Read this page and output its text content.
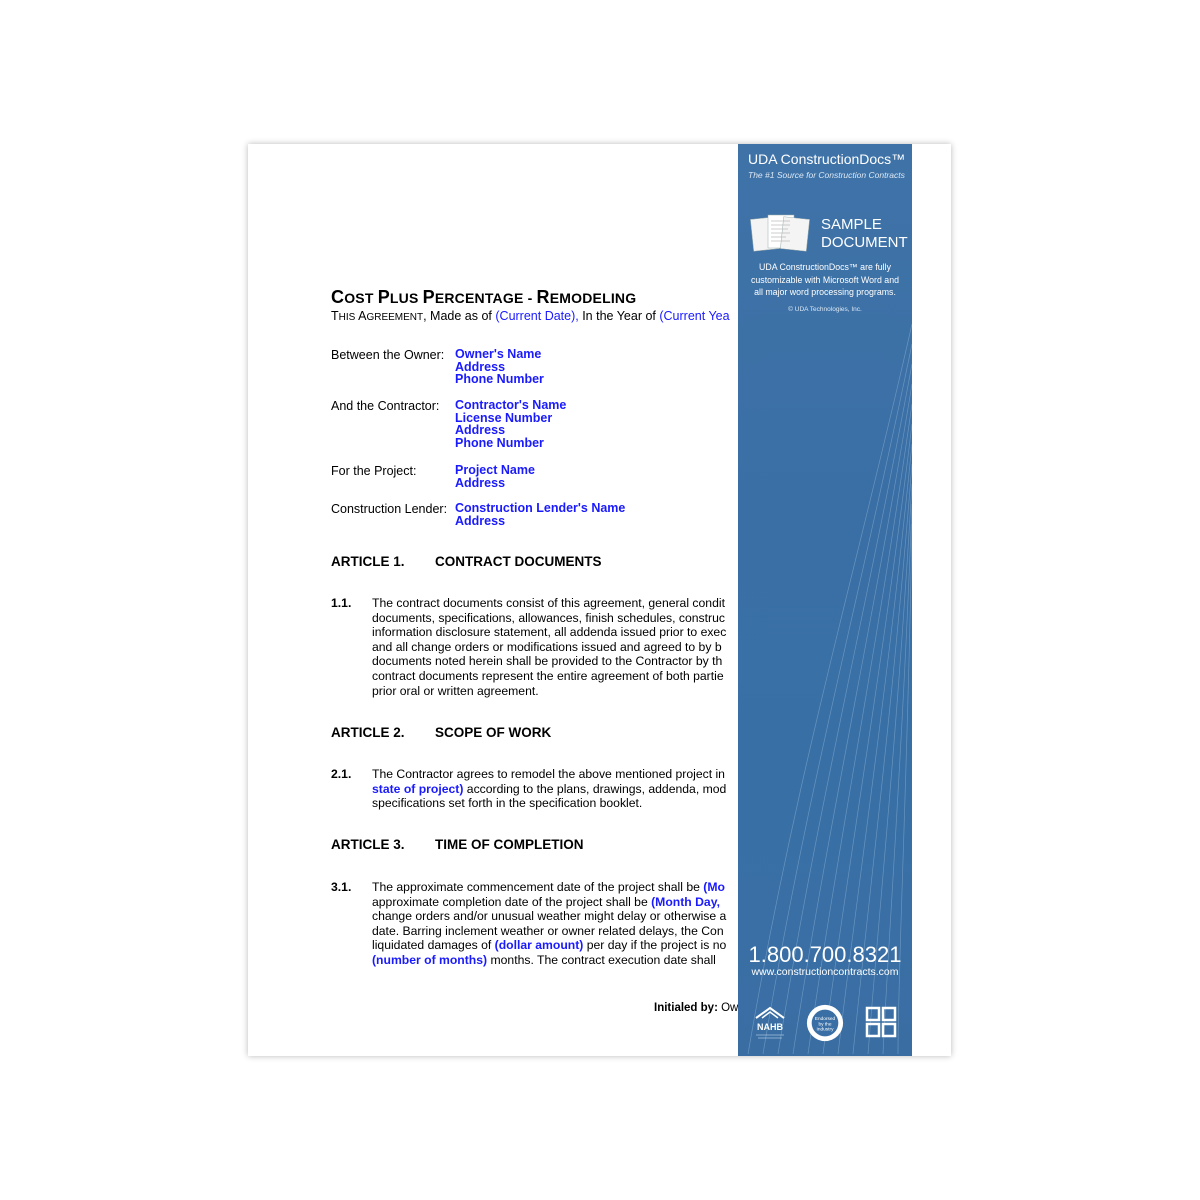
COST PLUS PERCENTAGE - REMODELING
THIS AGREEMENT, Made as of (Current Date), In the Year of (Current Yea
Between the Owner: Owner's Name
Address
Phone Number
And the Contractor: Contractor's Name
License Number
Address
Phone Number
For the Project:	Project Name
Address
Construction Lender: Construction Lender's Name
Address
ARTICLE 1. CONTRACT DOCUMENTS
1.1. The contract documents consist of this agreement, general condit
documents, specifications, allowances, finish schedules, construc
information disclosure statement, all addenda issued prior to exec
and all change orders or modifications issued and agreed to by b
documents noted herein shall be provided to the Contractor by th
contract documents represent the entire agreement of both partie
prior oral or written agreement.
ARTICLE 2. SCOPE OF WORK
2.1. The Contractor agrees to remodel the above mentioned project in
state of project) according to the plans, drawings, addenda, mod
specifications set forth in the specification booklet.
ARTICLE 3. TIME OF COMPLETION
3.1. The approximate commencement date of the project shall be (Mo
approximate completion date of the project shall be (Month Day,
change orders and/or unusual weather might delay or otherwise a
date. Barring inclement weather or owner related delays, the Con
liquidated damages of (dollar amount) per day if the project is no
(number of months) months. The contract execution date shall
Initialed by: Ow
UDA ConstructionDocs™
The #1 Source for Construction Contracts
SAMPLE
DOCUMENT
UDA ConstructionDocs™ are fully
customizable with Microsoft Word and
all major word processing programs.
© UDA Technologies, Inc.
1.800.700.8321
www.constructioncontracts.com
NAHB
Endorsed
by the
Industry
